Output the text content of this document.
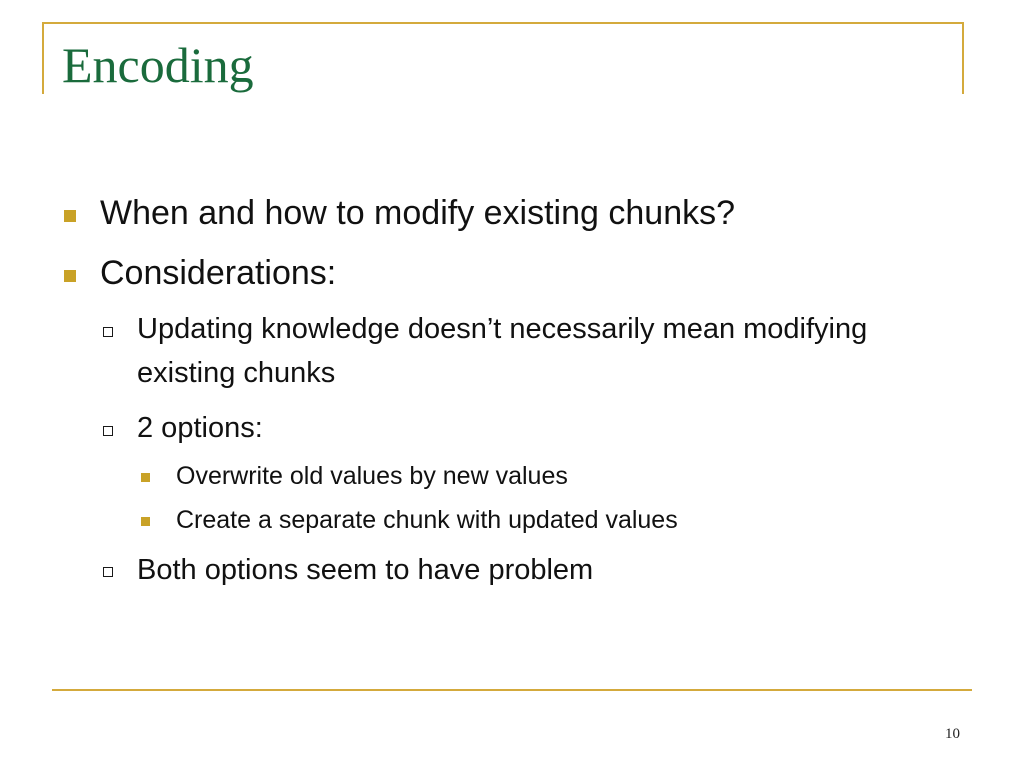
Encoding
When and how to modify existing chunks?
Considerations:
Updating knowledge doesn’t necessarily mean modifying existing chunks
2 options:
Overwrite old values by new values
Create a separate chunk with updated values
Both options seem to have problem
10
